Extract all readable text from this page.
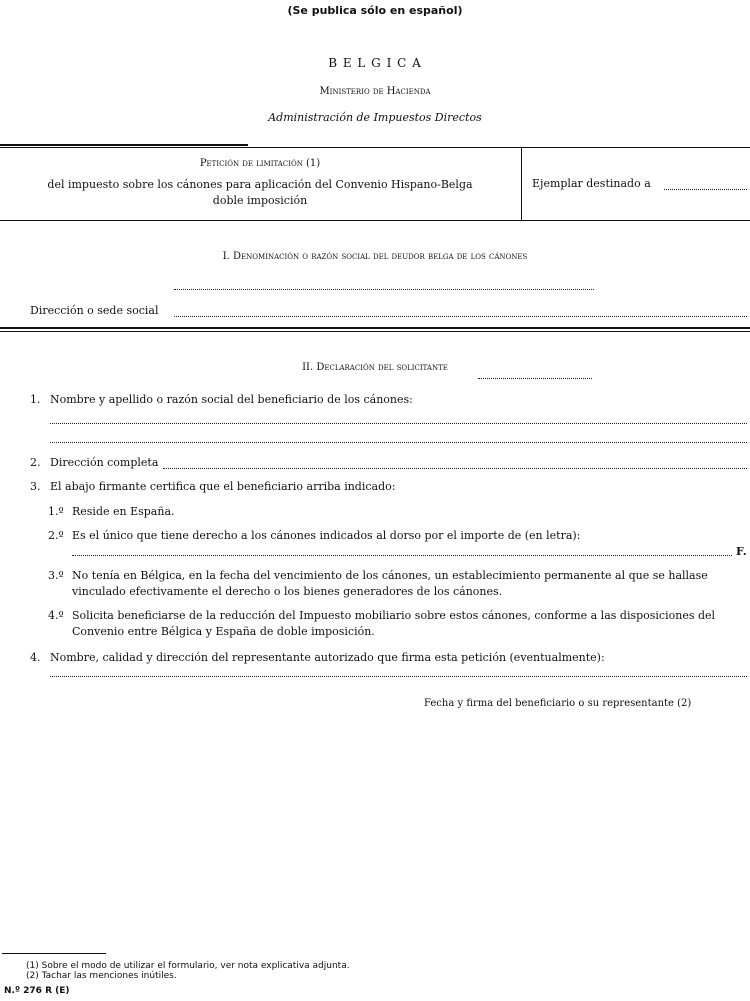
(Se publica sólo en español)
B E L G I C A
Ministerio de Hacienda
Administración de Impuestos Directos
Petición de limitación (1)
del impuesto sobre los cánones para aplicación del Convenio Hispano-Belga
doble imposición
Ejemplar destinado a
I. Denominación o razón social del deudor belga de los cánones
Dirección o sede social
II. Declaración del solicitante
1. Nombre y apellido o razón social del beneficiario de los cánones:
2. Dirección completa
3. El abajo firmante certifica que el beneficiario arriba indicado:
1.º Reside en España.
2.º Es el único que tiene derecho a los cánones indicados al dorso por el importe de (en letra):
F.
3.º No tenía en Bélgica, en la fecha del vencimiento de los cánones, un establecimiento permanente al que se hallase
vinculado efectivamente el derecho o los bienes generadores de los cánones.
4.º Solicita beneficiarse de la reducción del Impuesto mobiliario sobre estos cánones, conforme a las disposiciones del
Convenio entre Bélgica y España de doble imposición.
4. Nombre, calidad y dirección del representante autorizado que firma esta petición (eventualmente):
Fecha y firma del beneficiario o su representante (2)
(1) Sobre el modo de utilizar el formulario, ver nota explicativa adjunta.
(2) Tachar las menciones inútiles.
N.º 276 R (E)
